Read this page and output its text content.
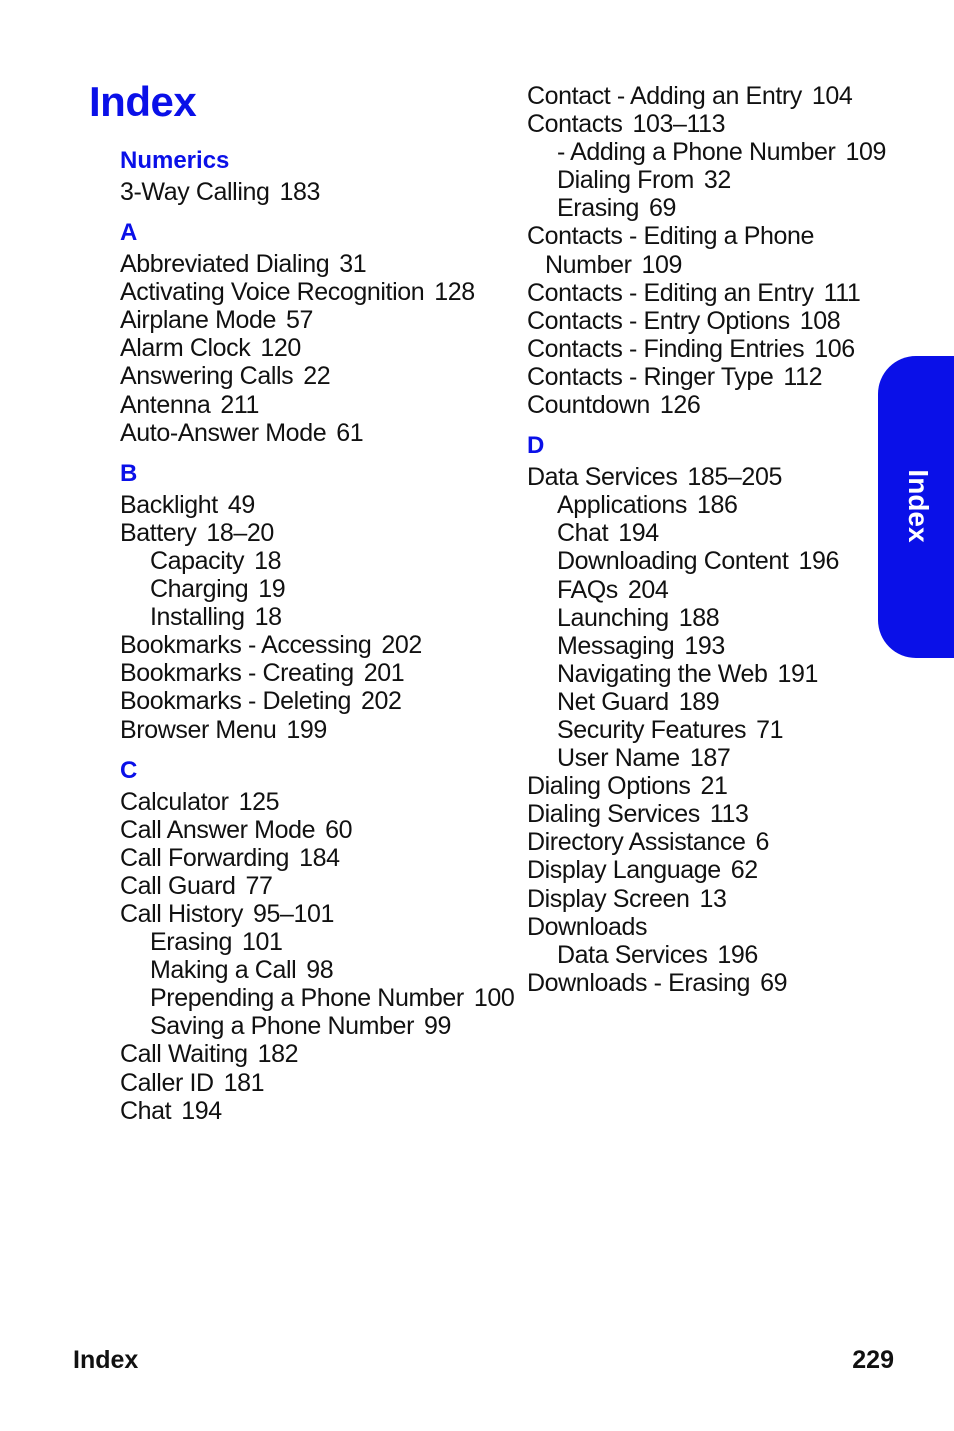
Index
Numerics
3-Way Calling 183
A
Abbreviated Dialing 31
Activating Voice Recognition 128
Airplane Mode 57
Alarm Clock 120
Answering Calls 22
Antenna 211
Auto-Answer Mode 61
B
Backlight 49
Battery 18–20
Capacity 18
Charging 19
Installing 18
Bookmarks - Accessing 202
Bookmarks - Creating 201
Bookmarks - Deleting 202
Browser Menu 199
C
Calculator 125
Call Answer Mode 60
Call Forwarding 184
Call Guard 77
Call History 95–101
Erasing 101
Making a Call 98
Prepending a Phone Number 100
Saving a Phone Number 99
Call Waiting 182
Caller ID 181
Chat 194
Contact - Adding an Entry 104
Contacts 103–113
- Adding a Phone Number 109
Dialing From 32
Erasing 69
Contacts - Editing a Phone Number 109
Contacts - Editing an Entry 111
Contacts - Entry Options 108
Contacts - Finding Entries 106
Contacts - Ringer Type 112
Countdown 126
D
Data Services 185–205
Applications 186
Chat 194
Downloading Content 196
FAQs 204
Launching 188
Messaging 193
Navigating the Web 191
Net Guard 189
Security Features 71
User Name 187
Dialing Options 21
Dialing Services 113
Directory Assistance 6
Display Language 62
Display Screen 13
Downloads
Data Services 196
Downloads - Erasing 69
Index
Index	229
